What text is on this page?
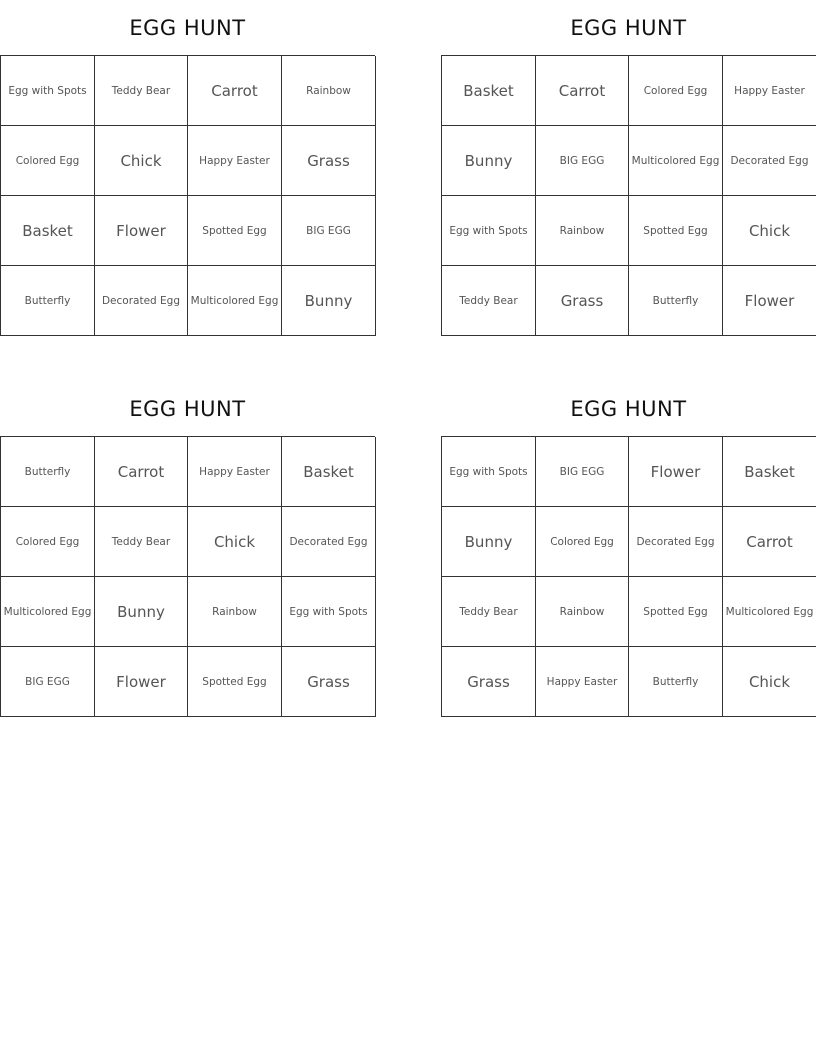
EGG HUNT
Egg with Spots	Teddy Bear	Carrot	Rainbow
Colored Egg	Chick	Happy Easter	Grass
Basket	Flower	Spotted Egg	BIG EGG
Butterfly	Decorated Egg	Multicolored Egg	Bunny
EGG HUNT
Basket	Carrot	Colored Egg	Happy Easter
Bunny	BIG EGG	Multicolored Egg	Decorated Egg
Egg with Spots	Rainbow	Spotted Egg	Chick
Teddy Bear	Grass	Butterfly	Flower
EGG HUNT
Butterfly	Carrot	Happy Easter	Basket
Colored Egg	Teddy Bear	Chick	Decorated Egg
Multicolored Egg	Bunny	Rainbow	Egg with Spots
BIG EGG	Flower	Spotted Egg	Grass
EGG HUNT
Egg with Spots	BIG EGG	Flower	Basket
Bunny	Colored Egg	Decorated Egg	Carrot
Teddy Bear	Rainbow	Spotted Egg	Multicolored Egg
Grass	Happy Easter	Butterfly	Chick
